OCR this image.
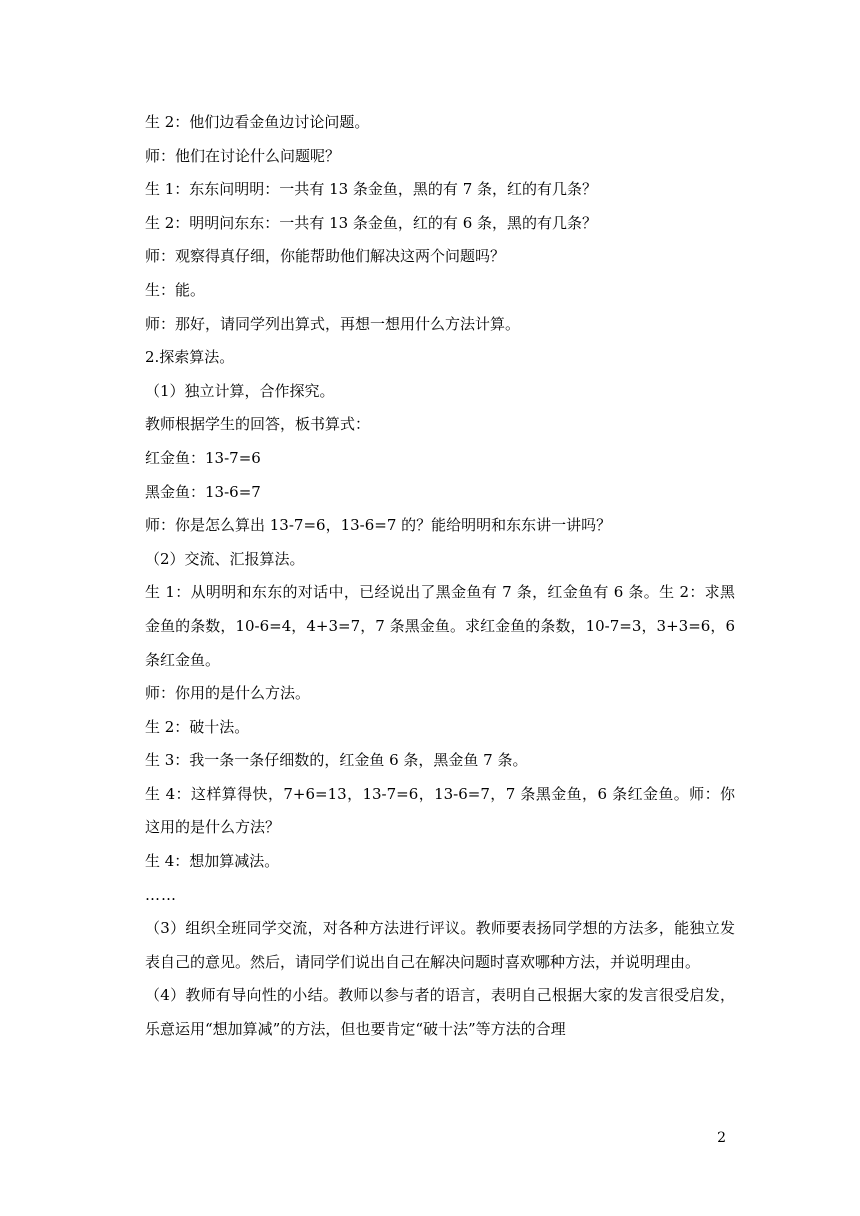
生 2：他们边看金鱼边讨论问题。
师：他们在讨论什么问题呢？
生 1：东东问明明：一共有 13 条金鱼，黑的有 7 条，红的有几条？
生 2：明明问东东：一共有 13 条金鱼，红的有 6 条，黑的有几条？
师：观察得真仔细，你能帮助他们解决这两个问题吗？
生：能。
师：那好，请同学列出算式，再想一想用什么方法计算。
2.探索算法。
（1）独立计算，合作探究。
教师根据学生的回答，板书算式：
红金鱼：13-7=6
黑金鱼：13-6=7
师：你是怎么算出 13-7=6，13-6=7 的？能给明明和东东讲一讲吗？
（2）交流、汇报算法。

生 1：从明明和东东的对话中，已经说出了黑金鱼有 7 条，红金鱼有 6 条。生 2：求黑金鱼的条数，10-6=4，4+3=7，7 条黑金鱼。求红金鱼的条数，10-7=3，3+3=6，6 条红金鱼。

师：你用的是什么方法。
生 2：破十法。
生 3：我一条一条仔细数的，红金鱼 6 条，黑金鱼 7 条。

生 4：这样算得快，7+6=13，13-7=6，13-6=7，7 条黑金鱼，6 条红金鱼。师：你这用的是什么方法？

生 4：想加算减法。
……

（3）组织全班同学交流，对各种方法进行评议。教师要表扬同学想的方法多，能独立发表自己的意见。然后，请同学们说出自己在解决问题时喜欢哪种方法，并说明理由。

（4）教师有导向性的小结。教师以参与者的语言，表明自己根据大家的发言很受启发，乐意运用“想加算减”的方法，但也要肯定“破十法”等方法的合理

2
